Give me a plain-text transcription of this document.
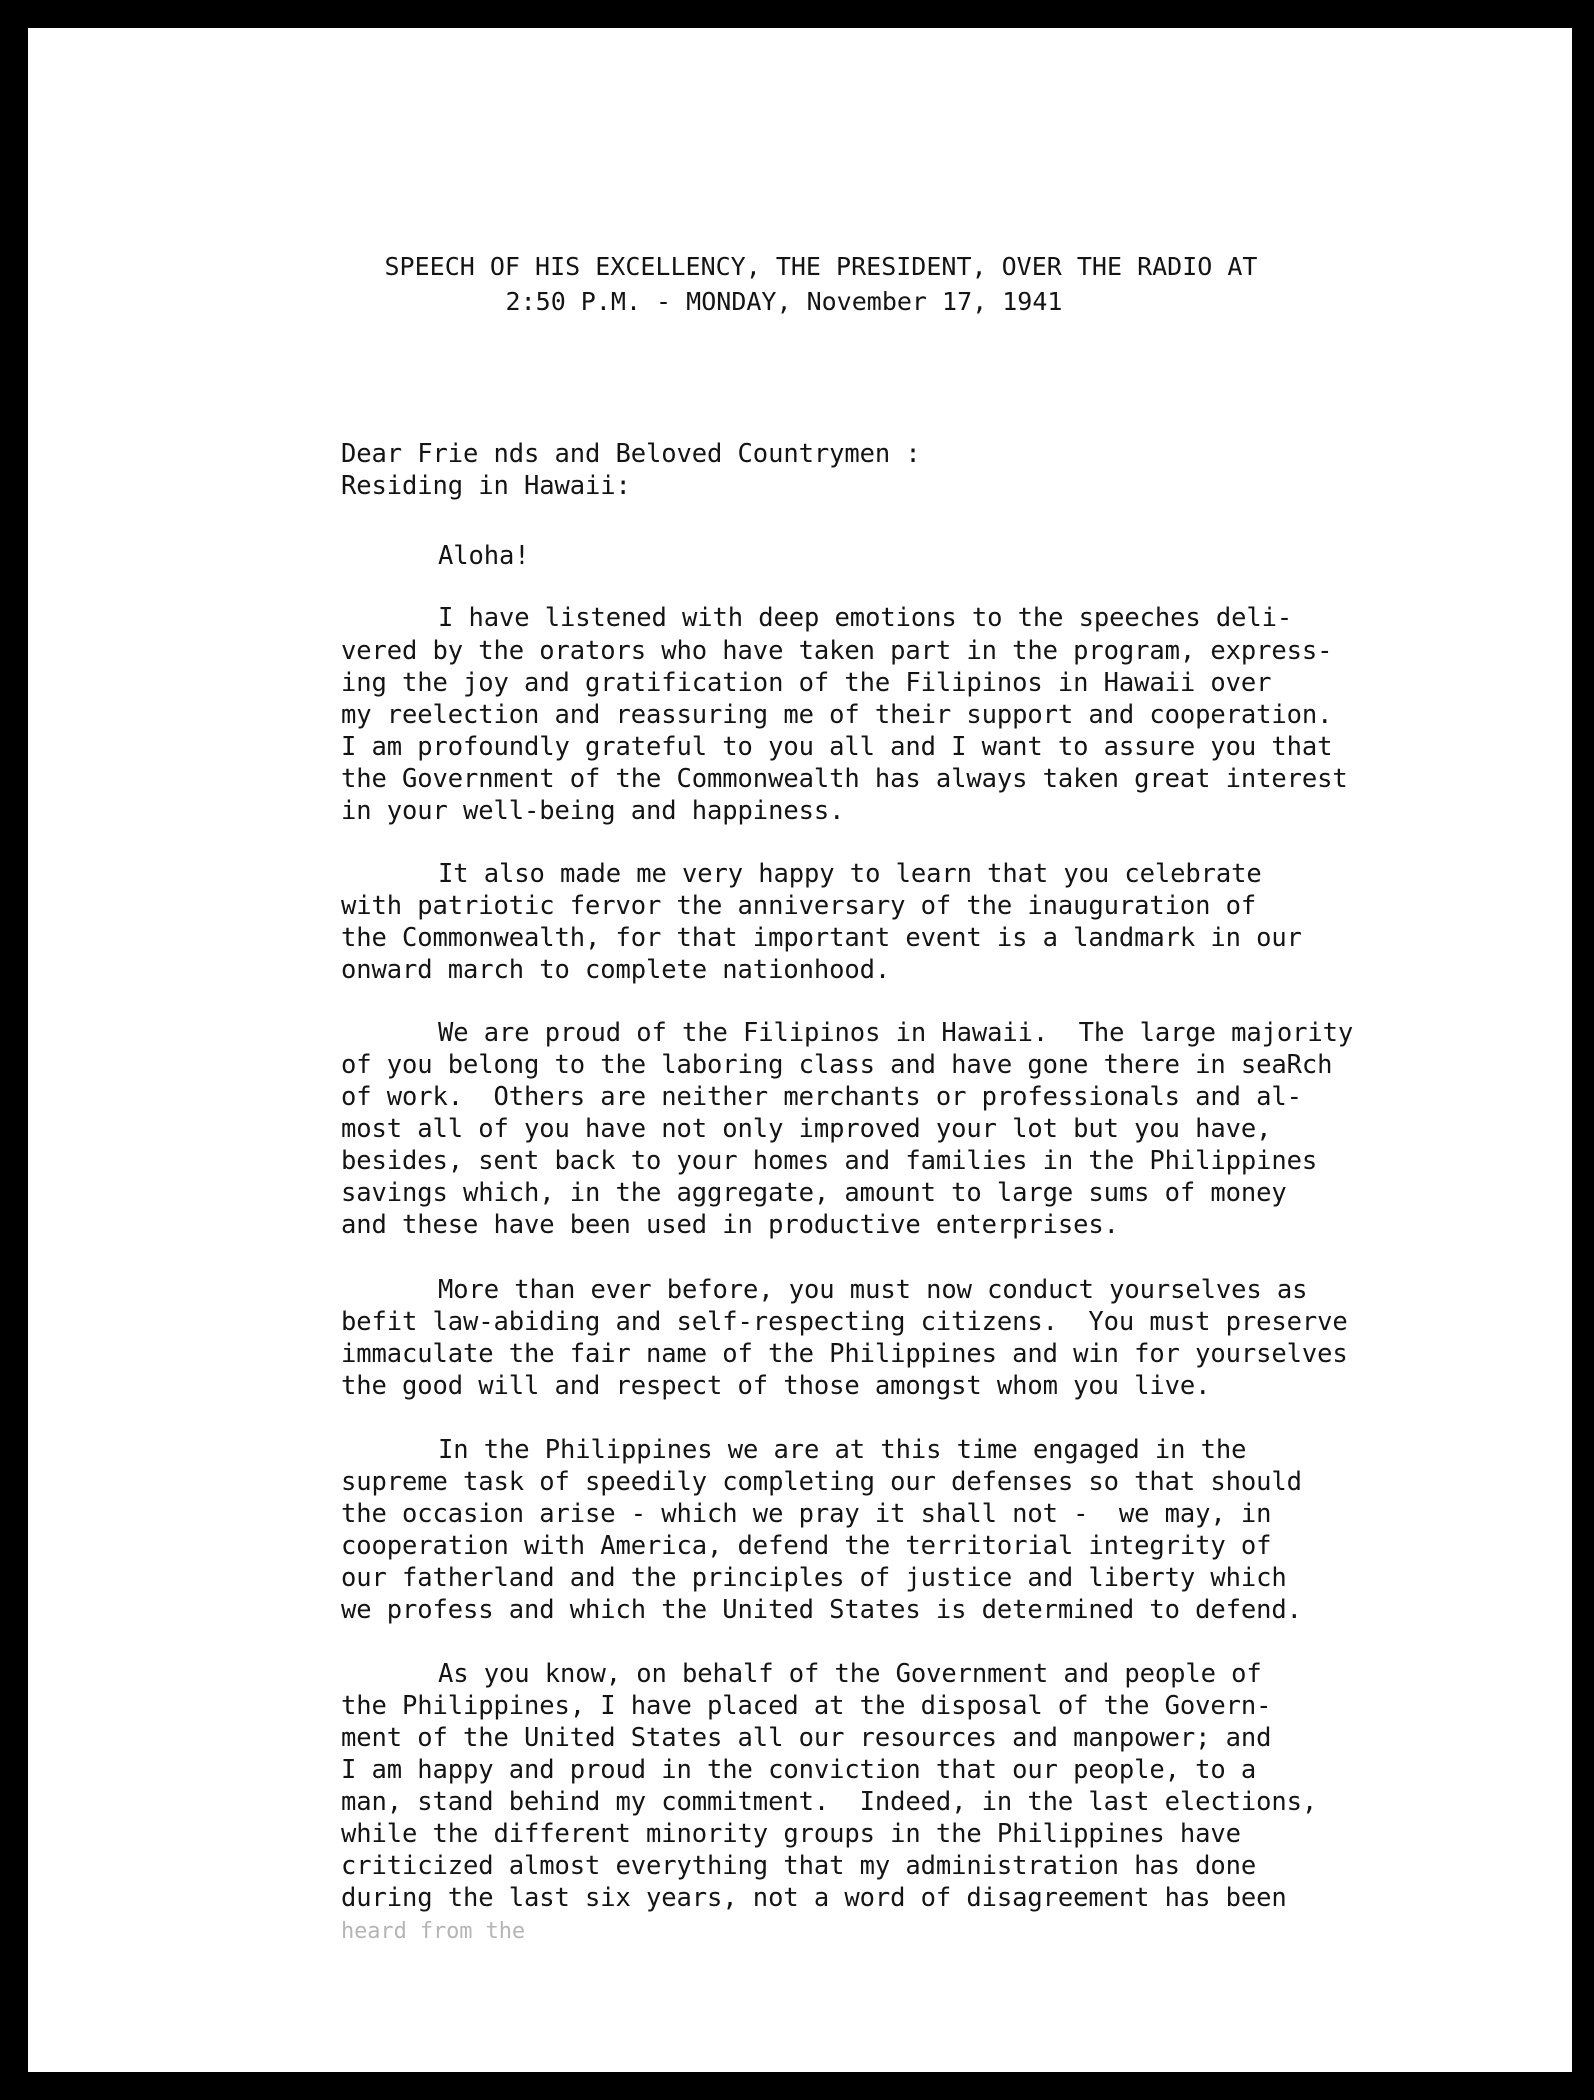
SPEECH OF HIS EXCELLENCY, THE PRESIDENT, OVER THE RADIO AT
2:50 P.M. - MONDAY, November 17, 1941
Dear Frie nds and Beloved Countrymen :
Residing in Hawaii:
Aloha!
I have listened with deep emotions to the speeches deli-
vered by the orators who have taken part in the program, express-
ing the joy and gratification of the Filipinos in Hawaii over
my reelection and reassuring me of their support and cooperation.
I am profoundly grateful to you all and I want to assure you that
the Government of the Commonwealth has always taken great interest
in your well-being and happiness.
It also made me very happy to learn that you celebrate
with patriotic fervor the anniversary of the inauguration of
the Commonwealth, for that important event is a landmark in our
onward march to complete nationhood.
We are proud of the Filipinos in Hawaii.  The large majority
of you belong to the laboring class and have gone there in seaRch
of work.  Others are neither merchants or professionals and al-
most all of you have not only improved your lot but you have,
besides, sent back to your homes and families in the Philippines
savings which, in the aggregate, amount to large sums of money
and these have been used in productive enterprises.
More than ever before, you must now conduct yourselves as
befit law-abiding and self-respecting citizens.  You must preserve
immaculate the fair name of the Philippines and win for yourselves
the good will and respect of those amongst whom you live.
In the Philippines we are at this time engaged in the
supreme task of speedily completing our defenses so that should
the occasion arise - which we pray it shall not -  we may, in
cooperation with America, defend the territorial integrity of
our fatherland and the principles of justice and liberty which
we profess and which the United States is determined to defend.
As you know, on behalf of the Government and people of
the Philippines, I have placed at the disposal of the Govern-
ment of the United States all our resources and manpower; and
I am happy and proud in the conviction that our people, to a
man, stand behind my commitment.  Indeed, in the last elections,
while the different minority groups in the Philippines have
criticized almost everything that my administration has done
during the last six years, not a word of disagreement has been
heard from the
